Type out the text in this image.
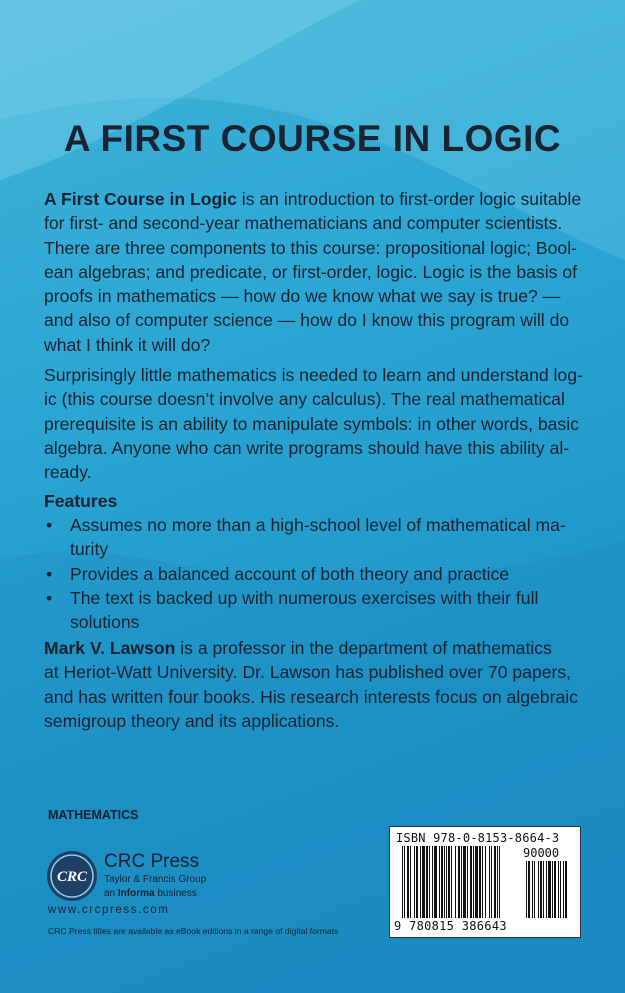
A FIRST COURSE IN LOGIC

A First Course in Logic is an introduction to first-order logic suitable

for first- and second-year mathematicians and computer scientists.

There are three components to this course: propositional logic; Bool-

ean algebras; and predicate, or first-order, logic. Logic is the basis of

proofs in mathematics — how do we know what we say is true? —

and also of computer science — how do I know this program will do

what I think it will do?

Surprisingly little mathematics is needed to learn and understand log-

ic (this course doesn’t involve any calculus). The real mathematical

prerequisite is an ability to manipulate symbols: in other words, basic

algebra. Anyone who can write programs should have this ability al-

ready.

Features
• Assumes no more than a high-school level of mathematical ma-
turity
• Provides a balanced account of both theory and practice
• The text is backed up with numerous exercises with their full
solutions

Mark V. Lawson is a professor in the department of mathematics

at Heriot-Watt University. Dr. Lawson has published over 70 papers,

and has written four books. His research interests focus on algebraic

semigroup theory and its applications.

MATHEMATICS
CRC
CRC Press
Taylor & Francis Group
an Informa business
www.crcpress.com
CRC Press titles are available as eBook editions in a range of digital formats
ISBN 978-0-8153-8664-3
90000
9 780815 386643
